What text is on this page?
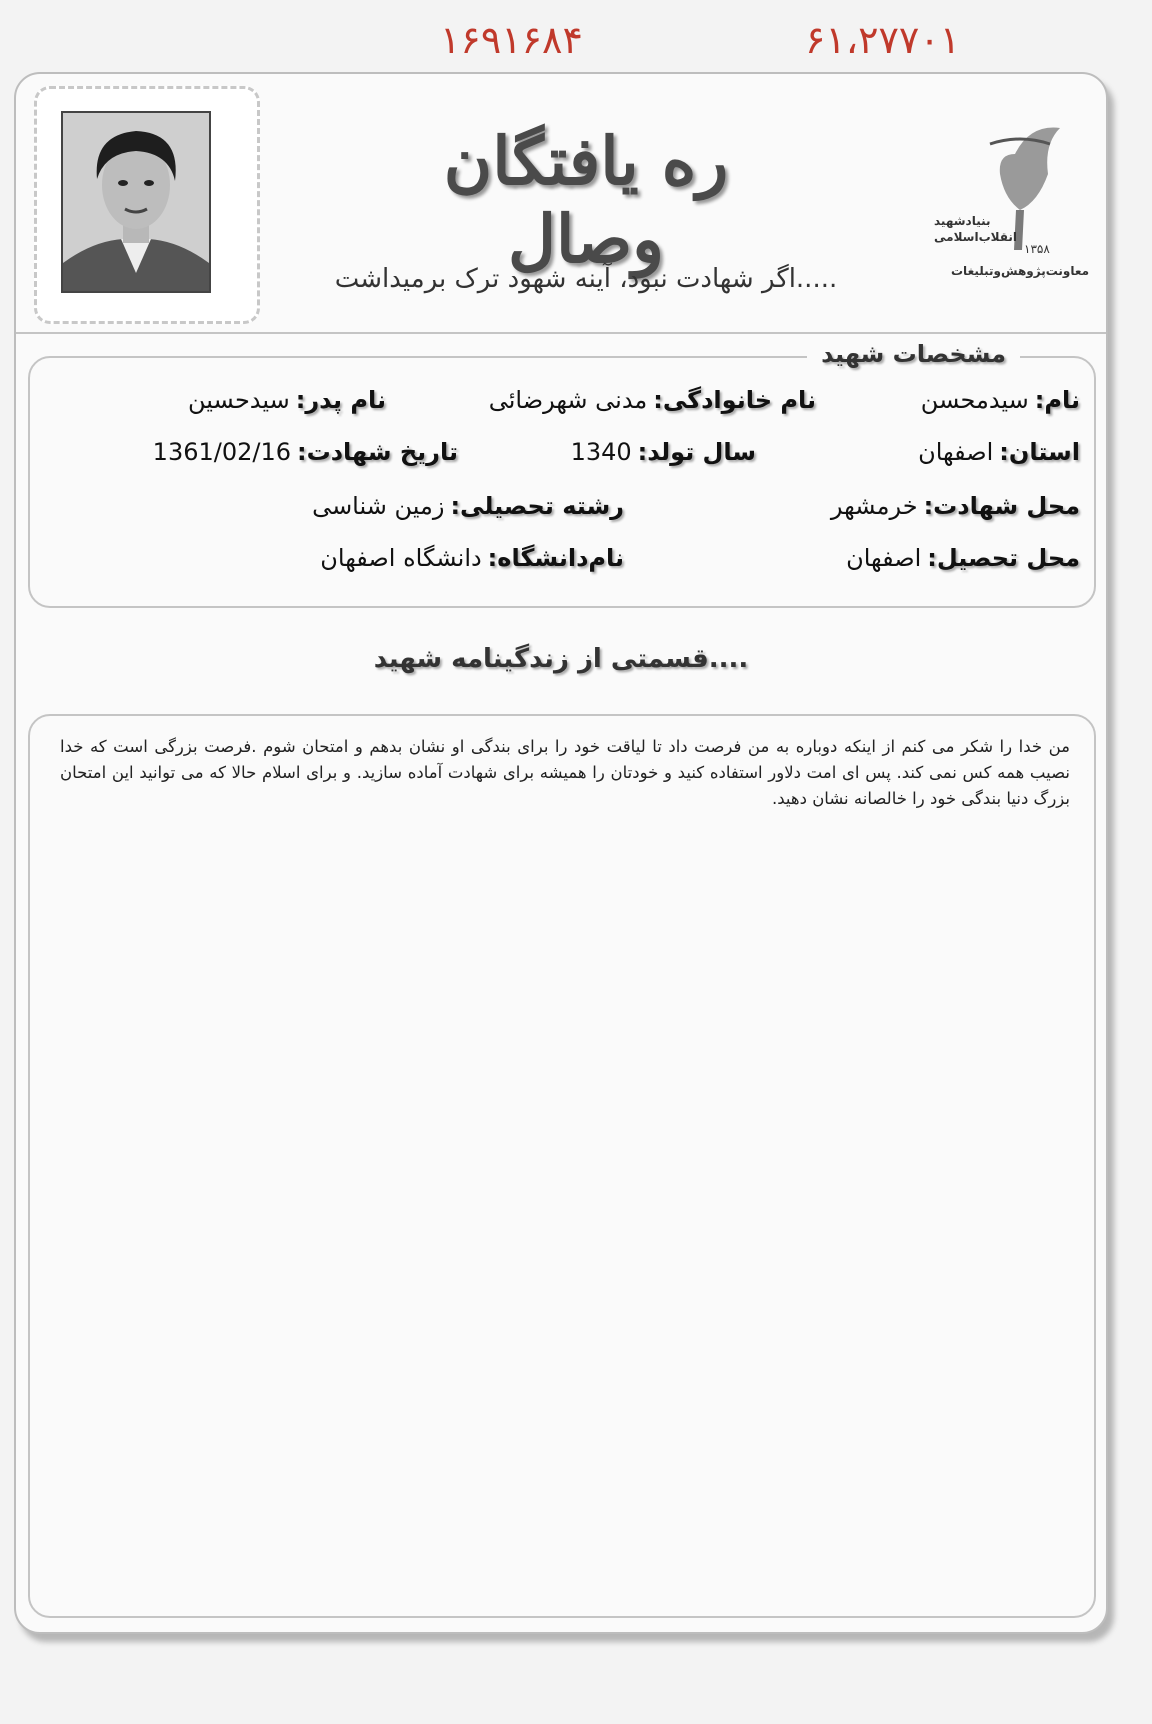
۱۶۹۱۶۸۴	۶۱،۲۷۷۰۱
ره یافتگان وصال
اگر شهادت نبود، آینه شهود ترک برمیداشت.....
بنیادشهید
انقلاب‌اسلامی
۱۳۵۸
معاونت‌پژوهش‌وتبلیغات
مشخصات شهید
نام:سیدمحسن
نام خانوادگی:مدنی شهرضائی
نام پدر:سیدحسین
استان:اصفهان
سال تولد:1340
تاریخ شهادت:1361/02/16
محل شهادت:خرمشهر
رشته تحصیلی:زمین شناسی
محل تحصیل:اصفهان
نام‌دانشگاه:دانشگاه اصفهان
قسمتی از زندگینامه شهید....
من خدا را شکر می کنم از اینکه دوباره به من فرصت داد تا لیاقت خود را برای بندگی او نشان بدهم و امتحان شوم .فرصت بزرگی است که خدا نصیب همه کس نمی کند. پس ای امت دلاور استفاده کنید و خودتان را همیشه برای شهادت آماده سازید. و برای اسلام حالا که می توانید این امتحان بزرگ دنیا بندگی خود را خالصانه نشان دهید.
